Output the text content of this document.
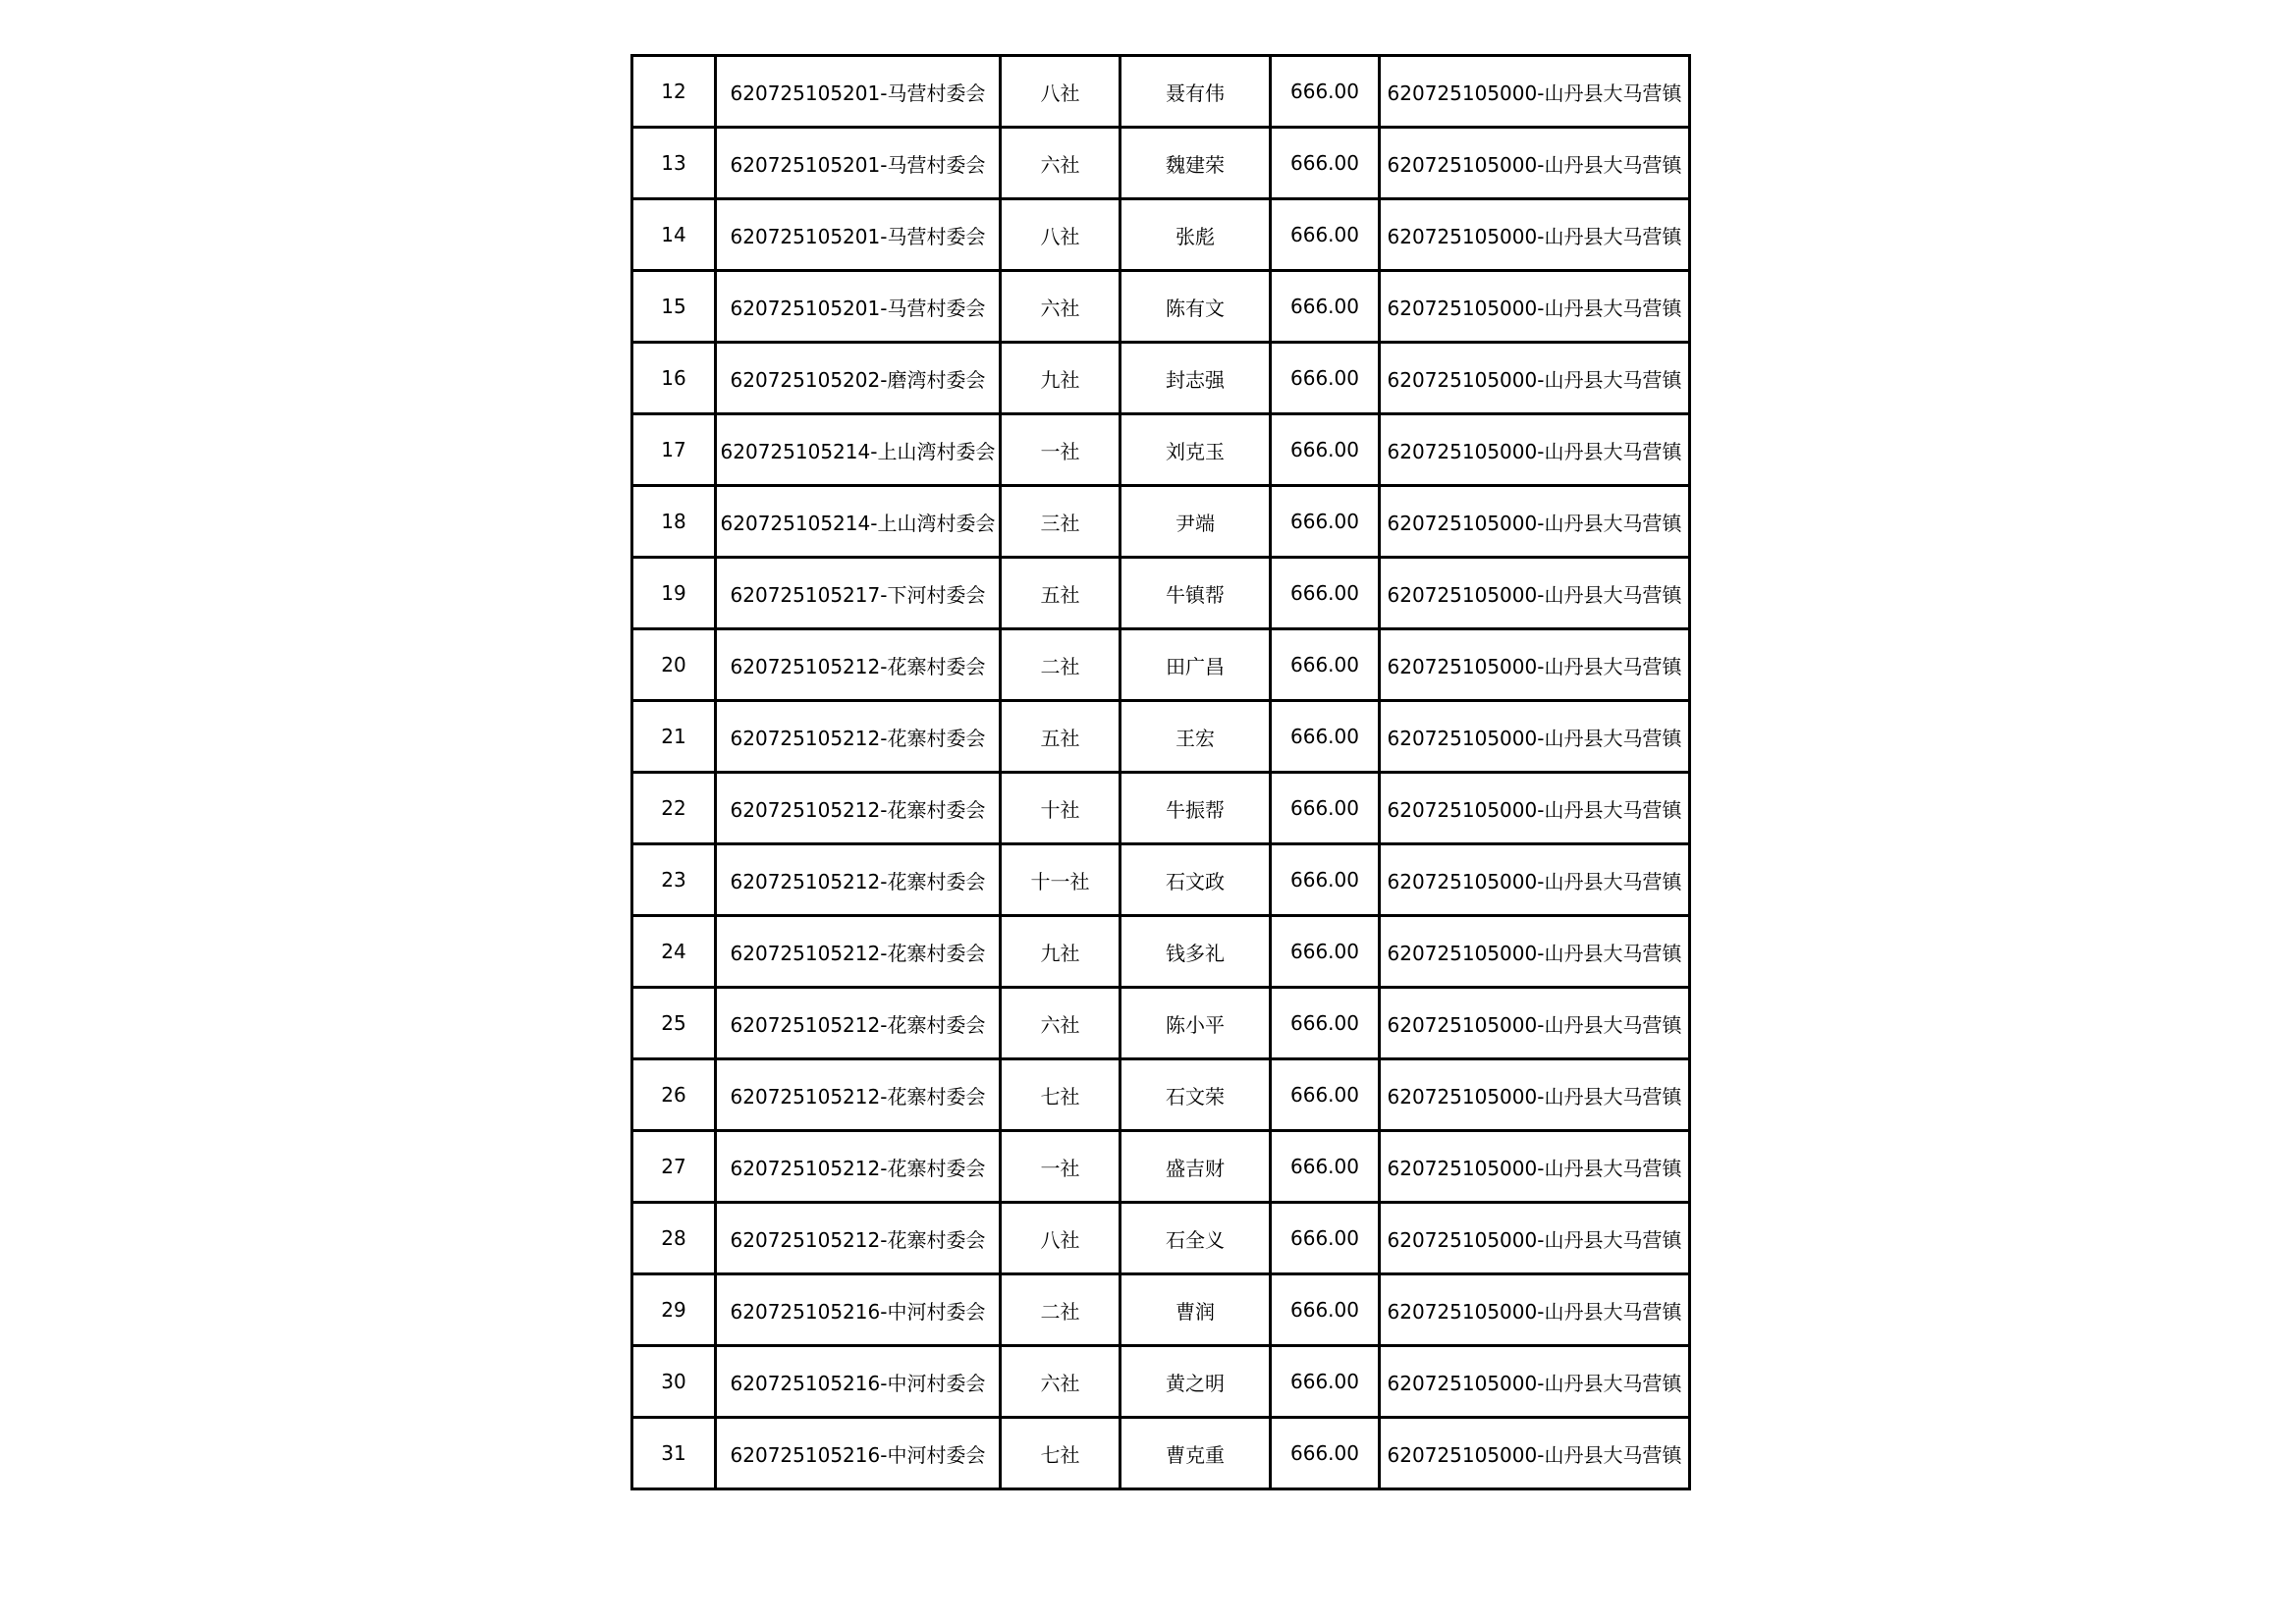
12	620725105201-马营村委会	八社	聂有伟	666.00	620725105000-山丹县大马营镇
13	620725105201-马营村委会	六社	魏建荣	666.00	620725105000-山丹县大马营镇
14	620725105201-马营村委会	八社	张彪	666.00	620725105000-山丹县大马营镇
15	620725105201-马营村委会	六社	陈有文	666.00	620725105000-山丹县大马营镇
16	620725105202-磨湾村委会	九社	封志强	666.00	620725105000-山丹县大马营镇
17	620725105214-上山湾村委会	一社	刘克玉	666.00	620725105000-山丹县大马营镇
18	620725105214-上山湾村委会	三社	尹端	666.00	620725105000-山丹县大马营镇
19	620725105217-下河村委会	五社	牛镇帮	666.00	620725105000-山丹县大马营镇
20	620725105212-花寨村委会	二社	田广昌	666.00	620725105000-山丹县大马营镇
21	620725105212-花寨村委会	五社	王宏	666.00	620725105000-山丹县大马营镇
22	620725105212-花寨村委会	十社	牛振帮	666.00	620725105000-山丹县大马营镇
23	620725105212-花寨村委会	十一社	石文政	666.00	620725105000-山丹县大马营镇
24	620725105212-花寨村委会	九社	钱多礼	666.00	620725105000-山丹县大马营镇
25	620725105212-花寨村委会	六社	陈小平	666.00	620725105000-山丹县大马营镇
26	620725105212-花寨村委会	七社	石文荣	666.00	620725105000-山丹县大马营镇
27	620725105212-花寨村委会	一社	盛吉财	666.00	620725105000-山丹县大马营镇
28	620725105212-花寨村委会	八社	石全义	666.00	620725105000-山丹县大马营镇
29	620725105216-中河村委会	二社	曹润	666.00	620725105000-山丹县大马营镇
30	620725105216-中河村委会	六社	黄之明	666.00	620725105000-山丹县大马营镇
31	620725105216-中河村委会	七社	曹克重	666.00	620725105000-山丹县大马营镇
